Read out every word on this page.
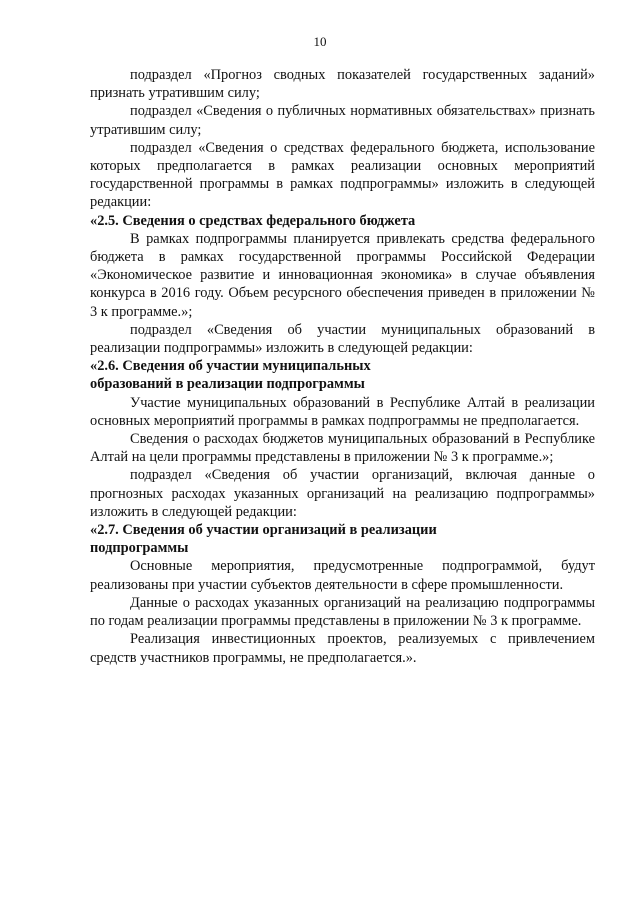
10

подраздел «Прогноз сводных показателей государственных заданий» признать утратившим силу;

подраздел «Сведения о публичных нормативных обязательствах» признать утратившим силу;

подраздел «Сведения о средствах федерального бюджета, использование которых предполагается в рамках реализации основных мероприятий государственной программы в рамках подпрограммы» изложить в следующей редакции:

«2.5. Сведения о средствах федерального бюджета

В рамках подпрограммы планируется привлекать средства федерального бюджета в рамках государственной программы Российской Федерации «Экономическое развитие и инновационная экономика» в случае объявления конкурса в 2016 году. Объем ресурсного обеспечения приведен в приложении № 3 к программе.»;

подраздел «Сведения об участии муниципальных образований в реализации подпрограммы» изложить в следующей редакции:

«2.6. Сведения об участии муниципальных
образований в реализации подпрограммы

Участие муниципальных образований в Республике Алтай в реализации основных мероприятий программы в рамках подпрограммы не предполагается.

Сведения о расходах бюджетов муниципальных образований в Республике Алтай на цели программы представлены в приложении № 3 к программе.»;

подраздел «Сведения об участии организаций, включая данные о прогнозных расходах указанных организаций на реализацию подпрограммы» изложить в следующей редакции:

«2.7. Сведения об участии организаций в реализации
подпрограммы

Основные мероприятия, предусмотренные подпрограммой, будут реализованы при участии субъектов деятельности в сфере промышленности.

Данные о расходах указанных организаций на реализацию подпрограммы по годам реализации программы представлены в приложении № 3 к программе.

Реализация инвестиционных проектов, реализуемых с привлечением средств участников программы, не предполагается.».
